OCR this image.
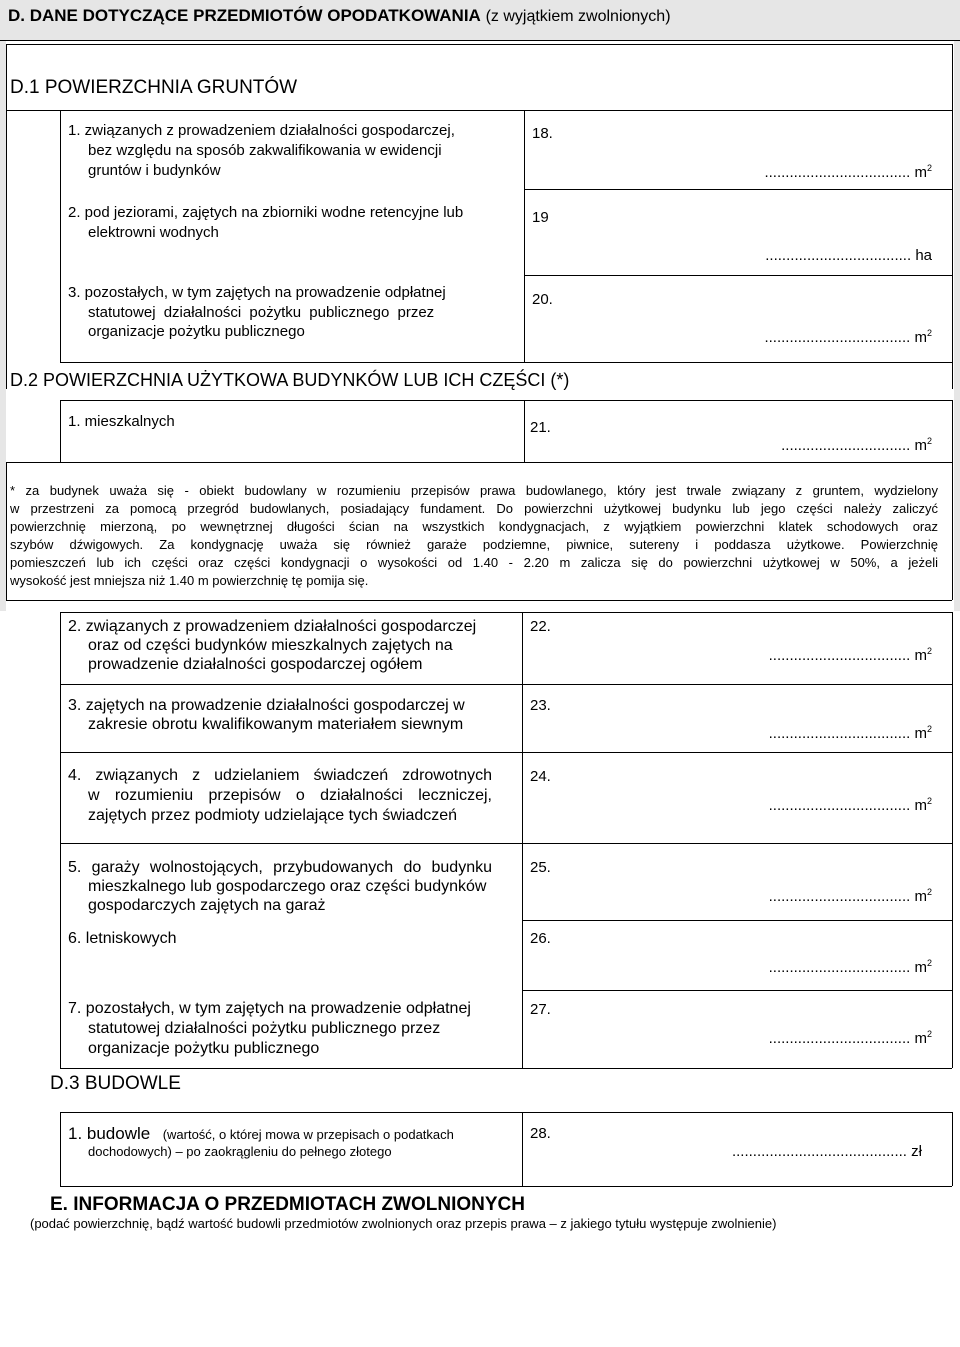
D. DANE DOTYCZĄCE PRZEDMIOTÓW OPODATKOWANIA (z wyjątkiem zwolnionych)
D.1 POWIERZCHNIA GRUNTÓW
1. związanych z prowadzeniem działalności gospodarczej,
bez względu na sposób zakwalifikowania w ewidencji
gruntów i budynków
18.
................................... $m^2$
2. pod jeziorami, zajętych na zbiorniki wodne retencyjne lub
elektrowni wodnych
19
................................... ha
3. pozostałych, w tym zajętych na prowadzenie odpłatnej
statutowej działalności pożytku publicznego przez
organizacje pożytku publicznego
20.
................................... $m^2$
D.2 POWIERZCHNIA UŻYTKOWA BUDYNKÓW LUB ICH CZĘŚCI (*)
1. mieszkalnych	21.
............................... $m^2$
* za budynek uważa się - obiekt budowlany w rozumieniu przepisów prawa budowlanego, który jest trwale związany z gruntem, wydzielony
w przestrzeni za pomocą przegród budowlanych, posiadający fundament. Do powierzchni użytkowej budynku lub jego części należy zaliczyć
powierzchnię mierzoną, po wewnętrznej długości ścian na wszystkich kondygnacjach, z wyjątkiem powierzchni klatek schodowych oraz
szybów dźwigowych. Za kondygnację uważa się również garaże podziemne, piwnice, sutereny i poddasza użytkowe. Powierzchnię
pomieszczeń lub ich części oraz części kondygnacji o wysokości od 1.40 - 2.20 m zalicza się do powierzchni użytkowej w 50%, a jeżeli
wysokość jest mniejsza niż 1.40 m powierzchnię tę pomija się.
2. związanych z prowadzeniem działalności gospodarczej
oraz od części budynków mieszkalnych zajętych na
prowadzenie działalności gospodarczej ogółem
22.
.................................. $m^2$
3. zajętych na prowadzenie działalności gospodarczej w
zakresie obrotu kwalifikowanym materiałem siewnym
23.
.................................. $m^2$
4. związanych z udzielaniem świadczeń zdrowotnych
w rozumieniu przepisów o działalności leczniczej,
zajętych przez podmioty udzielające tych świadczeń
24.
.................................. $m^2$
5. garaży wolnostojących, przybudowanych do budynku
mieszkalnego lub gospodarczego oraz części budynków
gospodarczych zajętych na garaż
25.
.................................. $m^2$
6. letniskowych	26.
.................................. $m^2$
7. pozostałych, w tym zajętych na prowadzenie odpłatnej
statutowej działalności pożytku publicznego przez
organizacje pożytku publicznego
27.
.................................. $m^2$
D.3 BUDOWLE
1. budowle (wartość, o której mowa w przepisach o podatkach
dochodowych) – po zaokrągleniu do pełnego złotego
28.
.......................................... zł
E. INFORMACJA O PRZEDMIOTACH ZWOLNIONYCH
(podać powierzchnię, bądź wartość budowli przedmiotów zwolnionych oraz przepis prawa – z jakiego tytułu występuje zwolnienie)
